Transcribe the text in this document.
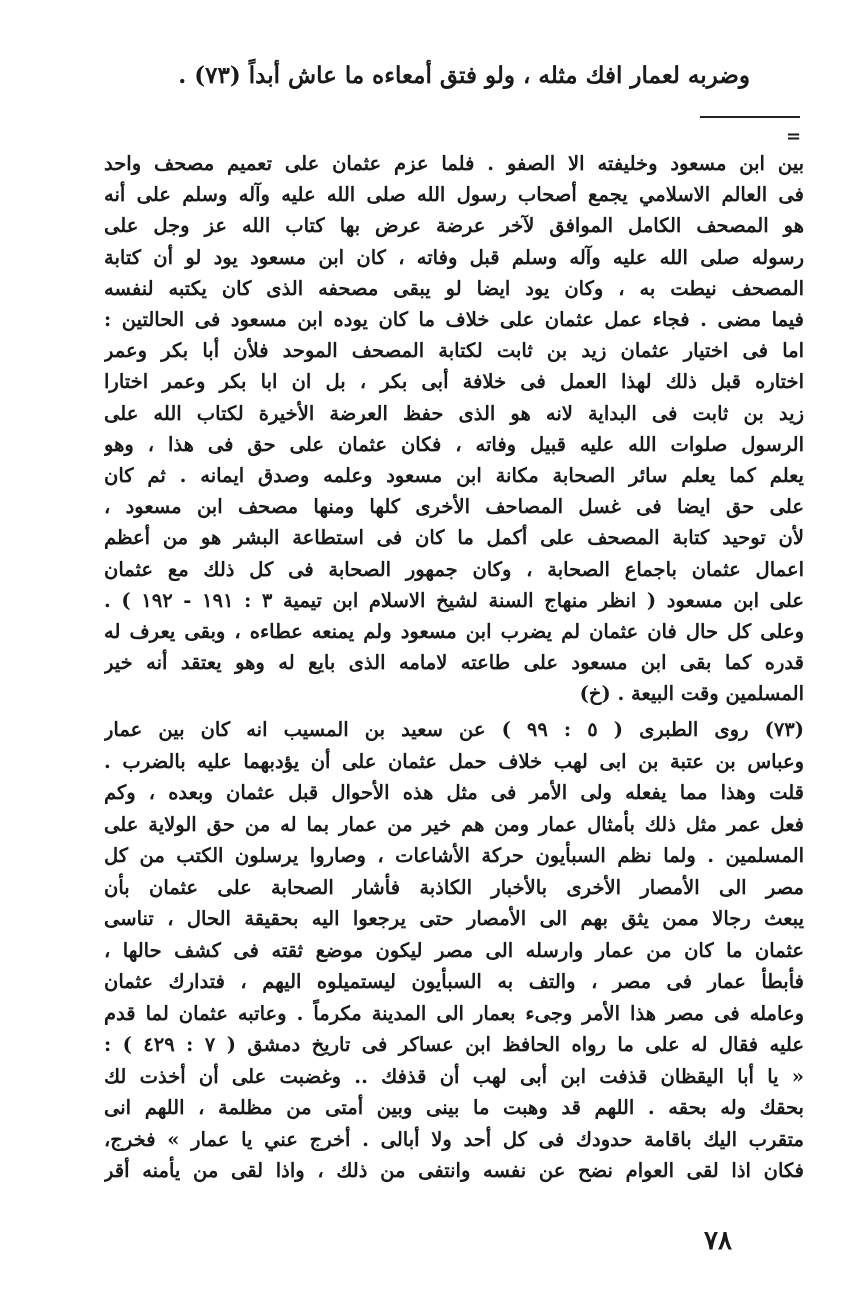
وضربه لعمار افك مثله ، ولو فتق أمعاءه ما عاش أبداً (٧٣) .
=
بين ابن مسعود وخليفته الا الصفو . فلما عزم عثمان على تعميم مصحف واحد
فى العالم الاسلامي يجمع أصحاب رسول الله صلى الله عليه وآله وسلم على أنه
هو المصحف الكامل الموافق لآخر عرضة عرض بها كتاب الله عز وجل على
رسوله صلى الله عليه وآله وسلم قبل وفاته ، كان ابن مسعود يود لو أن كتابة
المصحف نيطت به ، وكان يود ايضا لو يبقى مصحفه الذى كان يكتبه لنفسه
فيما مضى . فجاء عمل عثمان على خلاف ما كان يوده ابن مسعود فى الحالتين :
اما فى اختيار عثمان زيد بن ثابت لكتابة المصحف الموحد فلأن أبا بكر وعمر
اختاره قبل ذلك لهذا العمل فى خلافة أبى بكر ، بل ان ابا بكر وعمر اختارا
زيد بن ثابت فى البداية لانه هو الذى حفظ العرضة الأخيرة لكتاب الله على
الرسول صلوات الله عليه قبيل وفاته ، فكان عثمان على حق فى هذا ، وهو
يعلم كما يعلم سائر الصحابة مكانة ابن مسعود وعلمه وصدق ايمانه . ثم كان
على حق ايضا فى غسل المصاحف الأخرى كلها ومنها مصحف ابن مسعود ،
لأن توحيد كتابة المصحف على أكمل ما كان فى استطاعة البشر هو من أعظم
اعمال عثمان باجماع الصحابة ، وكان جمهور الصحابة فى كل ذلك مع عثمان
على ابن مسعود ( انظر منهاج السنة لشيخ الاسلام ابن تيمية ٣ : ١٩١ - ١٩٢ ) .
وعلى كل حال فان عثمان لم يضرب ابن مسعود ولم يمنعه عطاءه ، وبقى يعرف له
قدره كما بقى ابن مسعود على طاعته لامامه الذى بايع له وهو يعتقد أنه خير
المسلمين وقت البيعة . (خ)
(٧٣) روى الطبرى ( ٥ : ٩٩ ) عن سعيد بن المسيب انه كان بين عمار
وعباس بن عتبة بن ابى لهب خلاف حمل عثمان على أن يؤدبهما عليه بالضرب .
قلت وهذا مما يفعله ولى الأمر فى مثل هذه الأحوال قبل عثمان وبعده ، وكم
فعل عمر مثل ذلك بأمثال عمار ومن هم خير من عمار بما له من حق الولاية على
المسلمين . ولما نظم السبأيون حركة الأشاعات ، وصاروا يرسلون الكتب من كل
مصر الى الأمصار الأخرى بالأخبار الكاذبة فأشار الصحابة على عثمان بأن
يبعث رجالا ممن يثق بهم الى الأمصار حتى يرجعوا اليه بحقيقة الحال ، تناسى
عثمان ما كان من عمار وارسله الى مصر ليكون موضع ثقته فى كشف حالها ،
فأبطأ عمار فى مصر ، والتف به السبأيون ليستميلوه اليهم ، فتدارك عثمان
وعامله فى مصر هذا الأمر وجىء بعمار الى المدينة مكرماً . وعاتبه عثمان لما قدم
عليه فقال له على ما رواه الحافظ ابن عساكر فى تاريخ دمشق ( ٧ : ٤٢٩ ) :
« يا أبا اليقظان قذفت ابن أبى لهب أن قذفك .. وغضبت على أن أخذت لك
بحقك وله بحقه . اللهم قد وهبت ما بينى وبين أمتى من مظلمة ، اللهم انى
متقرب اليك باقامة حدودك فى كل أحد ولا أبالى . أخرج عني يا عمار » فخرج،
فكان اذا لقى العوام نضح عن نفسه وانتفى من ذلك ، واذا لقى من يأمنه أقر
٧٨
